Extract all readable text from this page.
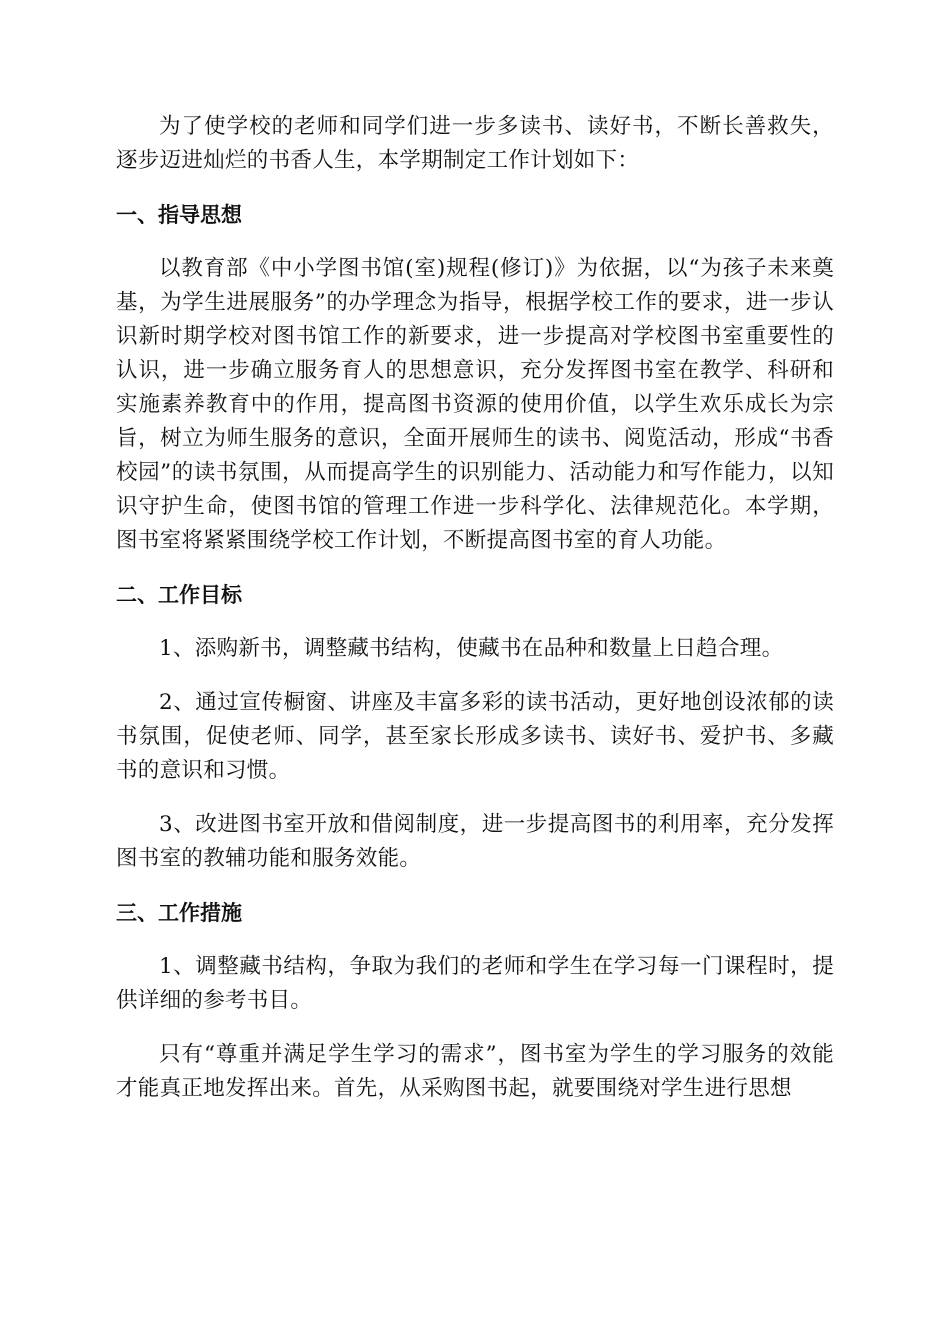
为了使学校的老师和同学们进一步多读书、读好书，不断长善救失，逐步迈进灿烂的书香人生，本学期制定工作计划如下：

一、指导思想

以教育部《中小学图书馆(室)规程(修订)》为依据，以“为孩子未来奠基，为学生进展服务”的办学理念为指导，根据学校工作的要求，进一步认识新时期学校对图书馆工作的新要求，进一步提高对学校图书室重要性的认识，进一步确立服务育人的思想意识，充分发挥图书室在教学、科研和实施素养教育中的作用，提高图书资源的使用价值，以学生欢乐成长为宗旨，树立为师生服务的意识，全面开展师生的读书、阅览活动，形成“书香校园”的读书氛围，从而提高学生的识别能力、活动能力和写作能力，以知识守护生命，使图书馆的管理工作进一步科学化、法律规范化。本学期，图书室将紧紧围绕学校工作计划，不断提高图书室的育人功能。

二、工作目标

1、添购新书，调整藏书结构，使藏书在品种和数量上日趋合理。

2、通过宣传橱窗、讲座及丰富多彩的读书活动，更好地创设浓郁的读书氛围，促使老师、同学，甚至家长形成多读书、读好书、爱护书、多藏书的意识和习惯。

3、改进图书室开放和借阅制度，进一步提高图书的利用率，充分发挥图书室的教辅功能和服务效能。

三、工作措施

1、调整藏书结构，争取为我们的老师和学生在学习每一门课程时，提供详细的参考书目。

只有“尊重并满足学生学习的需求”，图书室为学生的学习服务的效能才能真正地发挥出来。首先，从采购图书起，就要围绕对学生进行思想
